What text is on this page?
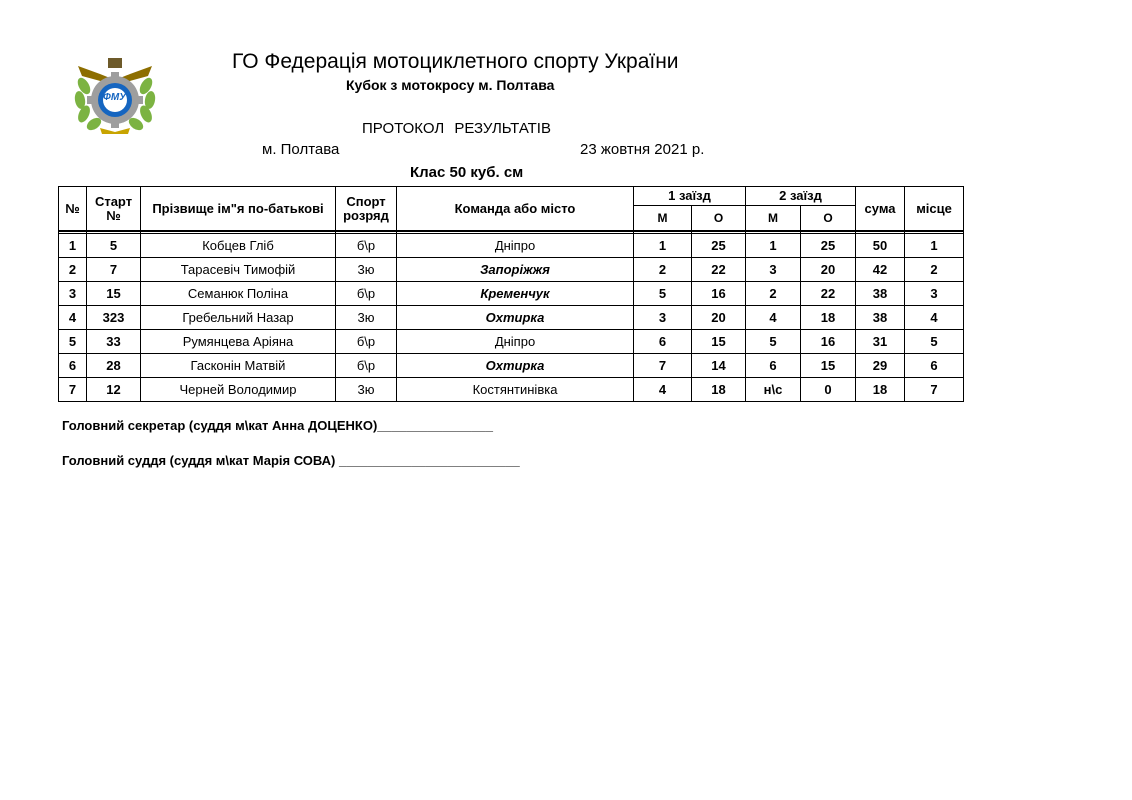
ФМУ
ГО Федерація мотоциклетного спорту України
Кубок з мотокросу м. Полтава
ПРОТОКОЛ РЕЗУЛЬТАТІВ
м. Полтава	23 жовтня 2021 р.
Клас 50 куб. см
№	Старт №	Прізвище ім"я по-батькові	Спорт розряд	Команда або місто	1 заїзд		2 заїзд		сума	місце
					М	О	М	О		

1	5	Кобцев Гліб	б\р	Дніпро	1	25	1	25	50	1
2	7	Тарасевіч Тимофій	3ю	Запоріжжя	2	22	3	20	42	2
3	15	Семанюк Поліна	б\р	Кременчук	5	16	2	22	38	3
4	323	Гребельний Назар	3ю	Охтирка	3	20	4	18	38	4
5	33	Румянцева Аріяна	б\р	Дніпро	6	15	5	16	31	5
6	28	Гасконін Матвій	б\р	Охтирка	7	14	6	15	29	6
7	12	Черней Володимир	3ю	Костянтинівка	4	18	н\с	0	18	7
Головний секретар (суддя м\кат Анна ДОЦЕНКО)________________
Головний суддя (суддя м\кат Марія СОВА) _________________________
